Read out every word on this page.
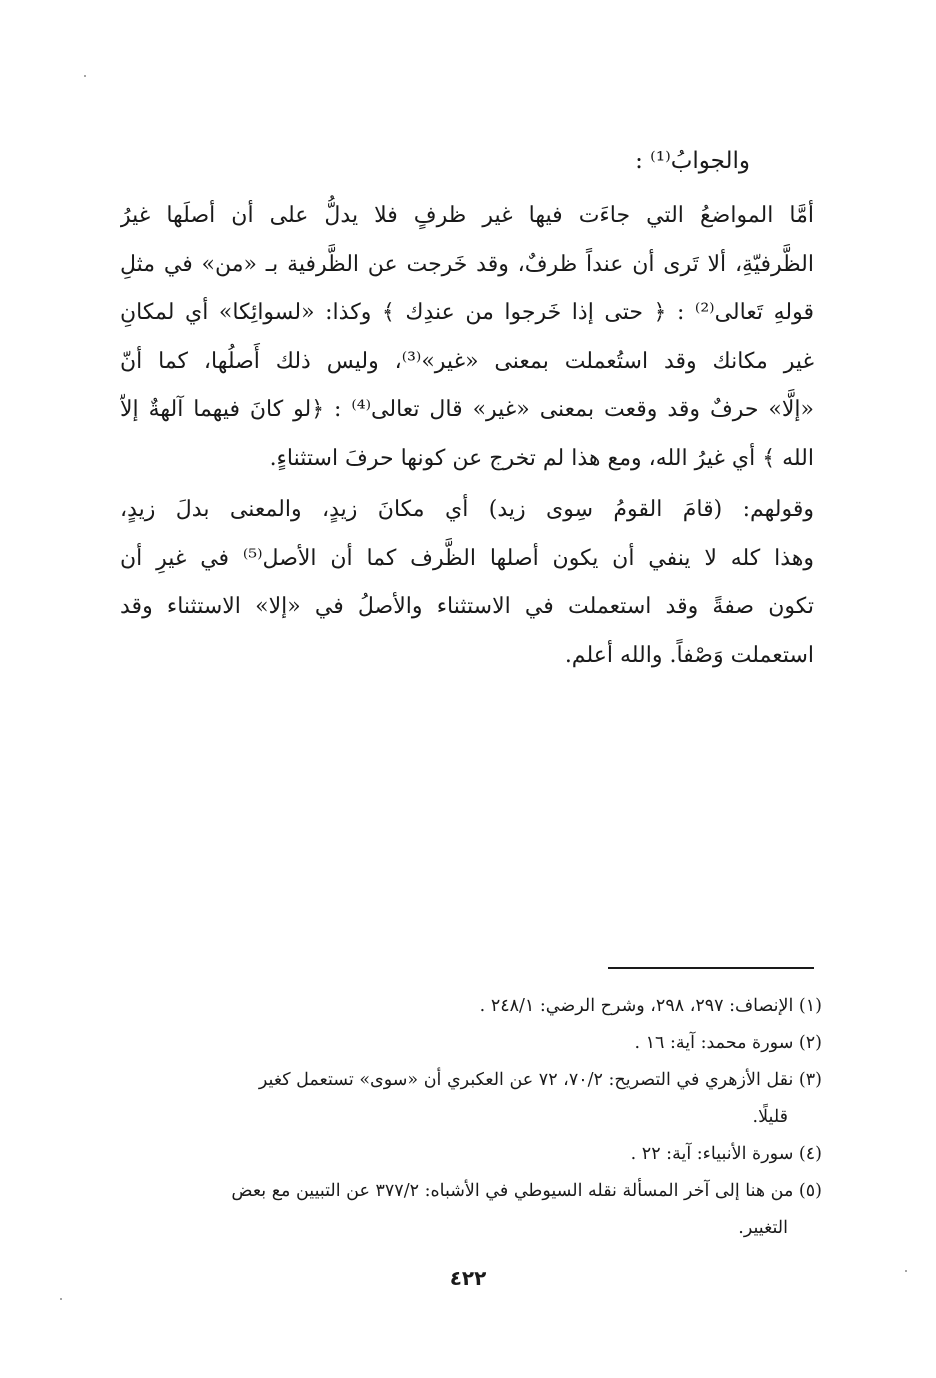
والجوابُ⁽¹⁾ :
أمَّا المواضعُ التي جاءَت فيها غير ظرفٍ فلا يدلُّ على أن أصلَها غيرُ
الظَّرفيّةِ، ألا تَرى أن عنداً ظرفٌ، وقد خَرجت عن الظَّرفية بـ «من» في مثلِ
قولهِ تَعالى⁽²⁾ : ﴿ حتى إذا خَرجوا من عندِك ﴾ وكذا: «لسوائِكا» أي لمكانِ
غير مكانك وقد استُعملت بمعنى «غير»⁽³⁾، وليس ذلك أَصلُها، كما أنّ
«إلَّا» حرفٌ وقد وقعت بمعنى «غير» قال تعالى⁽⁴⁾ : ﴿لو كانَ فيهما آلهةٌ إلاّ
الله ﴾ أي غيرُ الله، ومع هذا لم تخرج عن كونها حرفَ استثناءٍ.
وقولهم: (قامَ القومُ سِوى زيد) أي مكانَ زيدٍ، والمعنى بدلَ زيدٍ،
وهذا كله لا ينفي أن يكون أصلها الظَّرف كما أن الأصل⁽⁵⁾ في غيرِ أن
تكون صفةً وقد استعملت في الاستثناء والأصلُ في «إلا» الاستثناء وقد
استعملت وَصْفاً. والله أعلم.
(١) الإنصاف: ٢٩٧، ٢٩٨، وشرح الرضي: ٢٤٨/١ .
(٢) سورة محمد: آية: ١٦ .
(٣) نقل الأزهري في التصريح: ٧٠/٢، ٧٢ عن العكبري أن «سوى» تستعمل كغير
قليلًا.
(٤) سورة الأنبياء: آية: ٢٢ .
(٥) من هنا إلى آخر المسألة نقله السيوطي في الأشباه: ٣٧٧/٢ عن التبيين مع بعض
التغيير.
٤٢٢
